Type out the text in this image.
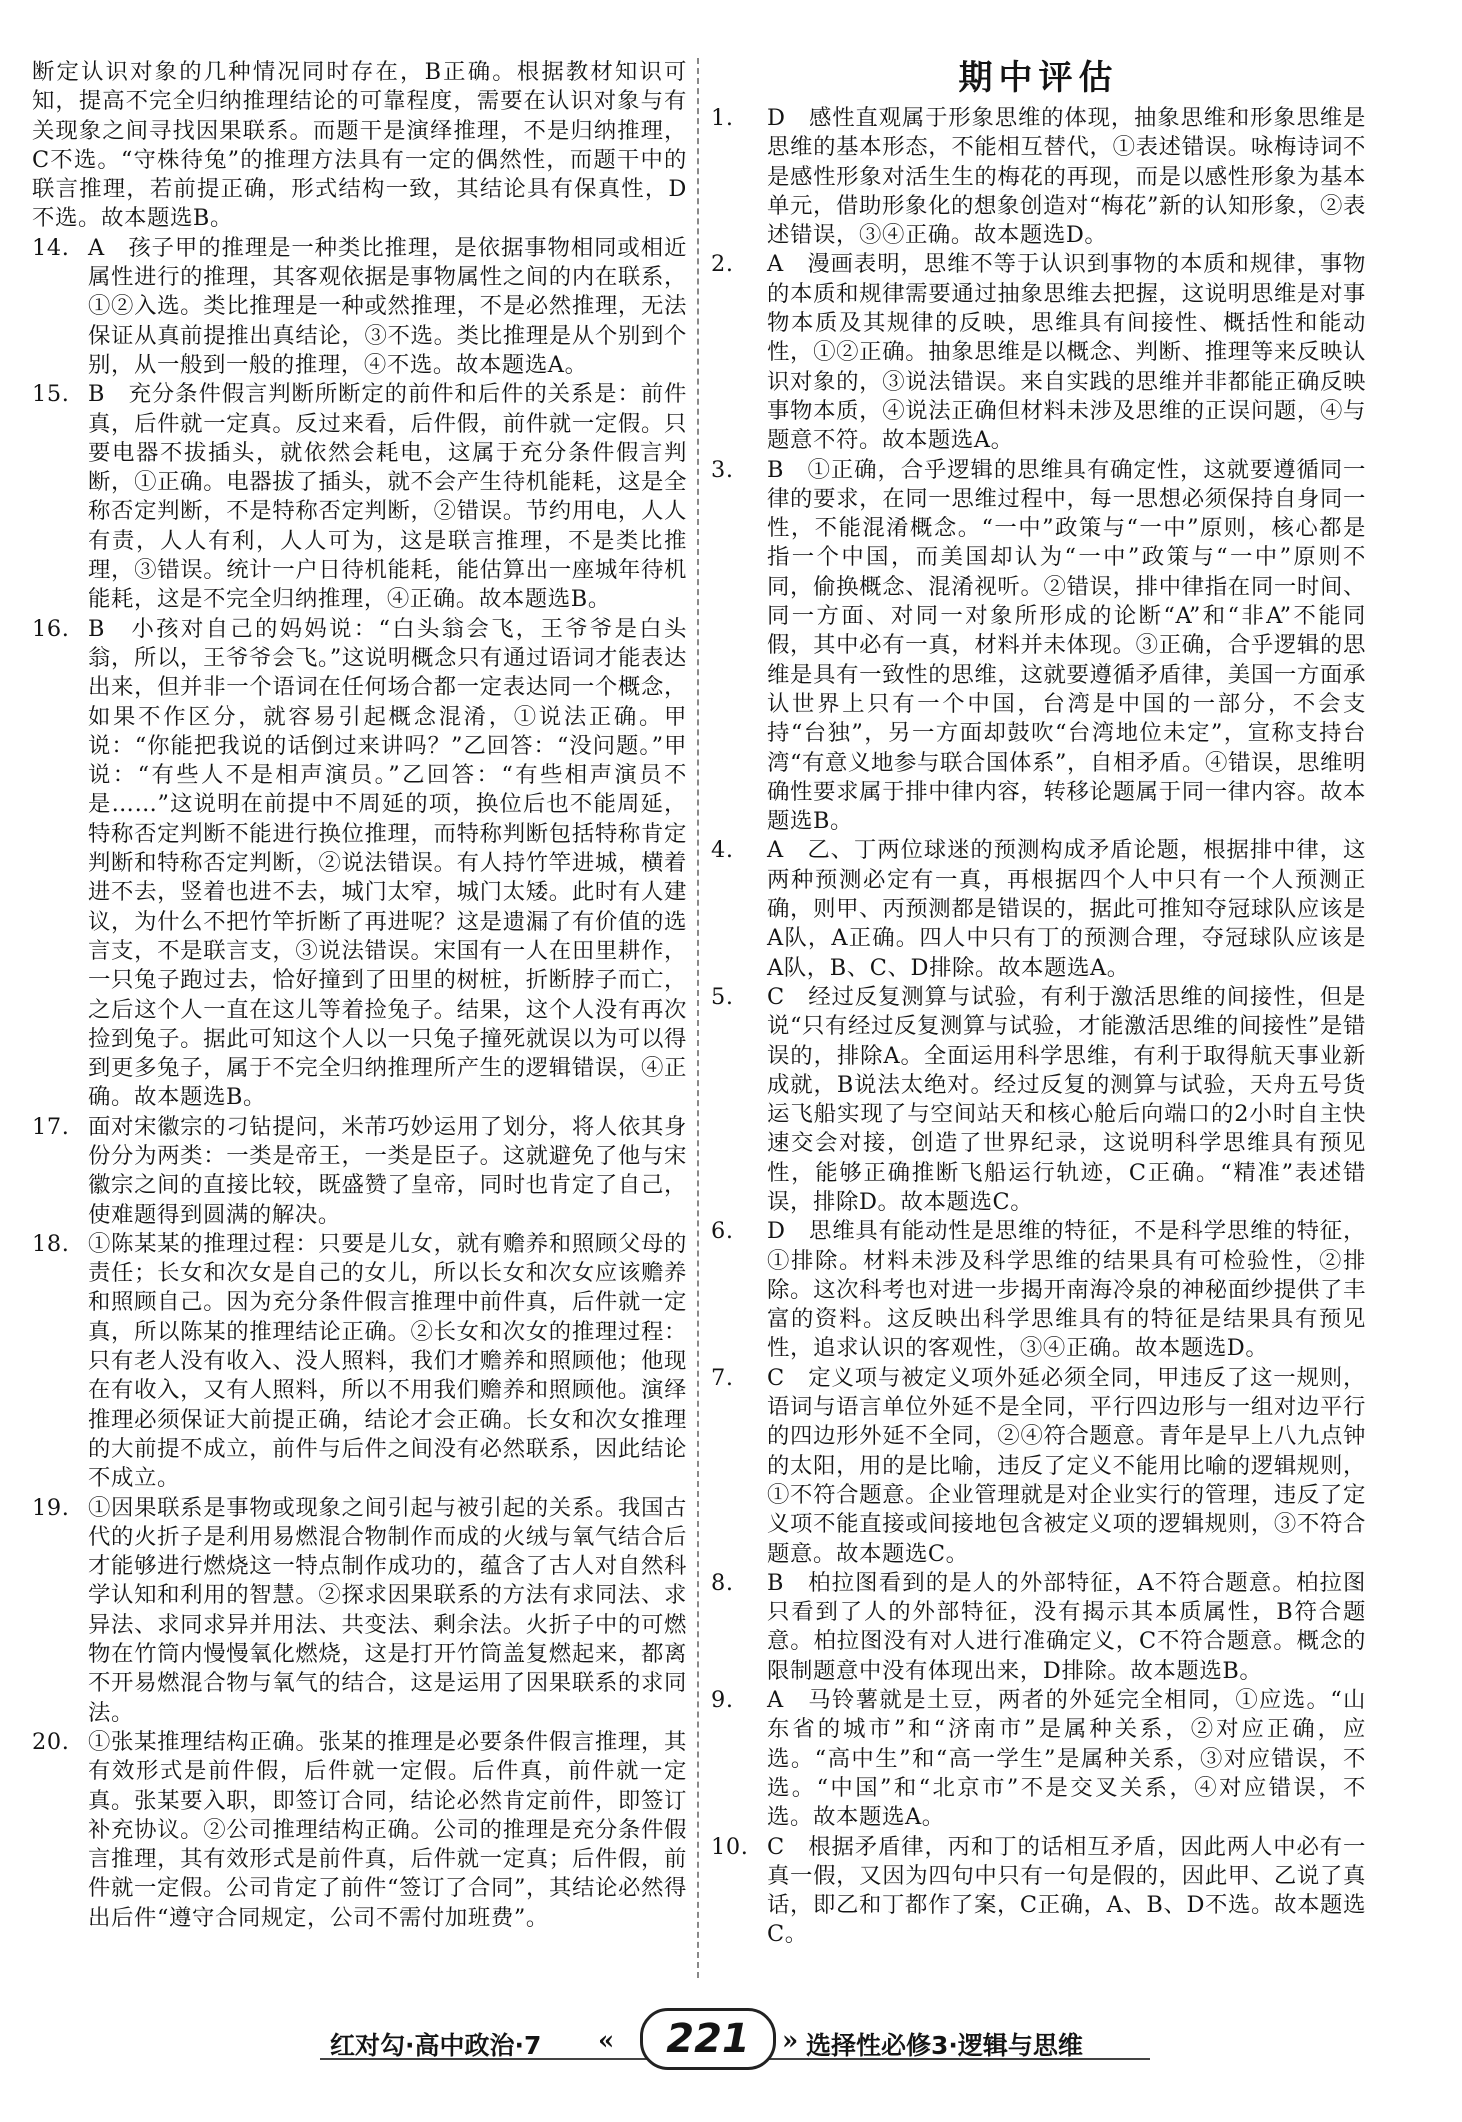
断定认识对象的几种情况同时存在，B正确。根据教材知识可知，提高不完全归纳推理结论的可靠程度，需要在认识对象与有关现象之间寻找因果联系。而题干是演绎推理，不是归纳推理，C不选。“守株待兔”的推理方法具有一定的偶然性，而题干中的联言推理，若前提正确，形式结构一致，其结论具有保真性，D不选。故本题选B。

14. A　孩子甲的推理是一种类比推理，是依据事物相同或相近属性进行的推理，其客观依据是事物属性之间的内在联系，①②入选。类比推理是一种或然推理，不是必然推理，无法保证从真前提推出真结论，③不选。类比推理是从个别到个别，从一般到一般的推理，④不选。故本题选A。
15. B　充分条件假言判断所断定的前件和后件的关系是：前件真，后件就一定真。反过来看，后件假，前件就一定假。只要电器不拔插头，就依然会耗电，这属于充分条件假言判断，①正确。电器拔了插头，就不会产生待机能耗，这是全称否定判断，不是特称否定判断，②错误。节约用电，人人有责，人人有利，人人可为，这是联言推理，不是类比推理，③错误。统计一户日待机能耗，能估算出一座城年待机能耗，这是不完全归纳推理，④正确。故本题选B。
16. B　小孩对自己的妈妈说：“白头翁会飞，王爷爷是白头翁，所以，王爷爷会飞。”这说明概念只有通过语词才能表达出来，但并非一个语词在任何场合都一定表达同一个概念，如果不作区分，就容易引起概念混淆，①说法正确。甲说：“你能把我说的话倒过来讲吗？”乙回答：“没问题。”甲说：“有些人不是相声演员。”乙回答：“有些相声演员不是……”这说明在前提中不周延的项，换位后也不能周延，特称否定判断不能进行换位推理，而特称判断包括特称肯定判断和特称否定判断，②说法错误。有人持竹竿进城，横着进不去，竖着也进不去，城门太窄，城门太矮。此时有人建议，为什么不把竹竿折断了再进呢？这是遗漏了有价值的选言支，不是联言支，③说法错误。宋国有一人在田里耕作，一只兔子跑过去，恰好撞到了田里的树桩，折断脖子而亡，之后这个人一直在这儿等着捡兔子。结果，这个人没有再次捡到兔子。据此可知这个人以一只兔子撞死就误以为可以得到更多兔子，属于不完全归纳推理所产生的逻辑错误，④正确。故本题选B。
17. 面对宋徽宗的刁钻提问，米芾巧妙运用了划分，将人依其身份分为两类：一类是帝王，一类是臣子。这就避免了他与宋徽宗之间的直接比较，既盛赞了皇帝，同时也肯定了自己，使难题得到圆满的解决。
18. ①陈某某的推理过程：只要是儿女，就有赡养和照顾父母的责任；长女和次女是自己的女儿，所以长女和次女应该赡养和照顾自己。因为充分条件假言推理中前件真，后件就一定真，所以陈某的推理结论正确。②长女和次女的推理过程：只有老人没有收入、没人照料，我们才赡养和照顾他；他现在有收入，又有人照料，所以不用我们赡养和照顾他。演绎推理必须保证大前提正确，结论才会正确。长女和次女推理的大前提不成立，前件与后件之间没有必然联系，因此结论不成立。
19. ①因果联系是事物或现象之间引起与被引起的关系。我国古代的火折子是利用易燃混合物制作而成的火绒与氧气结合后才能够进行燃烧这一特点制作成功的，蕴含了古人对自然科学认知和利用的智慧。②探求因果联系的方法有求同法、求异法、求同求异并用法、共变法、剩余法。火折子中的可燃物在竹筒内慢慢氧化燃烧，这是打开竹筒盖复燃起来，都离不开易燃混合物与氧气的结合，这是运用了因果联系的求同法。
20. ①张某推理结构正确。张某的推理是必要条件假言推理，其有效形式是前件假，后件就一定假。后件真，前件就一定真。张某要入职，即签订合同，结论必然肯定前件，即签订补充协议。②公司推理结构正确。公司的推理是充分条件假言推理，其有效形式是前件真，后件就一定真；后件假，前件就一定假。公司肯定了前件“签订了合同”，其结论必然得出后件“遵守合同规定，公司不需付加班费”。
期中评估
1.	D　感性直观属于形象思维的体现，抽象思维和形象思维是思维的基本形态，不能相互替代，①表述错误。咏梅诗词不是感性形象对活生生的梅花的再现，而是以感性形象为基本单元，借助形象化的想象创造对“梅花”新的认知形象，②表述错误，③④正确。故本题选D。
2.	A　漫画表明，思维不等于认识到事物的本质和规律，事物的本质和规律需要通过抽象思维去把握，这说明思维是对事物本质及其规律的反映，思维具有间接性、概括性和能动性，①②正确。抽象思维是以概念、判断、推理等来反映认识对象的，③说法错误。来自实践的思维并非都能正确反映事物本质，④说法正确但材料未涉及思维的正误问题，④与题意不符。故本题选A。
3.	B　①正确，合乎逻辑的思维具有确定性，这就要遵循同一律的要求，在同一思维过程中，每一思想必须保持自身同一性，不能混淆概念。“一中”政策与“一中”原则，核心都是指一个中国，而美国却认为“一中”政策与“一中”原则不同，偷换概念、混淆视听。②错误，排中律指在同一时间、同一方面、对同一对象所形成的论断“A”和“非A”不能同假，其中必有一真，材料并未体现。③正确，合乎逻辑的思维是具有一致性的思维，这就要遵循矛盾律，美国一方面承认世界上只有一个中国，台湾是中国的一部分，不会支持“台独”，另一方面却鼓吹“台湾地位未定”，宣称支持台湾“有意义地参与联合国体系”，自相矛盾。④错误，思维明确性要求属于排中律内容，转移论题属于同一律内容。故本题选B。
4.	A　乙、丁两位球迷的预测构成矛盾论题，根据排中律，这两种预测必定有一真，再根据四个人中只有一个人预测正确，则甲、丙预测都是错误的，据此可推知夺冠球队应该是A队，A正确。四人中只有丁的预测合理，夺冠球队应该是A队，B、C、D排除。故本题选A。
5.	C　经过反复测算与试验，有利于激活思维的间接性，但是说“只有经过反复测算与试验，才能激活思维的间接性”是错误的，排除A。全面运用科学思维，有利于取得航天事业新成就，B说法太绝对。经过反复的测算与试验，天舟五号货运飞船实现了与空间站天和核心舱后向端口的2小时自主快速交会对接，创造了世界纪录，这说明科学思维具有预见性，能够正确推断飞船运行轨迹，C正确。“精准”表述错误，排除D。故本题选C。
6.	D　思维具有能动性是思维的特征，不是科学思维的特征，①排除。材料未涉及科学思维的结果具有可检验性，②排除。这次科考也对进一步揭开南海冷泉的神秘面纱提供了丰富的资料。这反映出科学思维具有的特征是结果具有预见性，追求认识的客观性，③④正确。故本题选D。
7.	C　定义项与被定义项外延必须全同，甲违反了这一规则，语词与语言单位外延不是全同，平行四边形与一组对边平行的四边形外延不全同，②④符合题意。青年是早上八九点钟的太阳，用的是比喻，违反了定义不能用比喻的逻辑规则，①不符合题意。企业管理就是对企业实行的管理，违反了定义项不能直接或间接地包含被定义项的逻辑规则，③不符合题意。故本题选C。
8.	B　柏拉图看到的是人的外部特征，A不符合题意。柏拉图只看到了人的外部特征，没有揭示其本质属性，B符合题意。柏拉图没有对人进行准确定义，C不符合题意。概念的限制题意中没有体现出来，D排除。故本题选B。
9.	A　马铃薯就是土豆，两者的外延完全相同，①应选。“山东省的城市”和“济南市”是属种关系，②对应正确，应选。“高中生”和“高一学生”是属种关系，③对应错误，不选。“中国”和“北京市”不是交叉关系，④对应错误，不选。故本题选A。
10. C　根据矛盾律，丙和丁的话相互矛盾，因此两人中必有一真一假，又因为四句中只有一句是假的，因此甲、乙说了真话，即乙和丁都作了案，C正确，A、B、D不选。故本题选C。
红对勾·高中政治·7 «	221	» 选择性必修3·逻辑与思维
